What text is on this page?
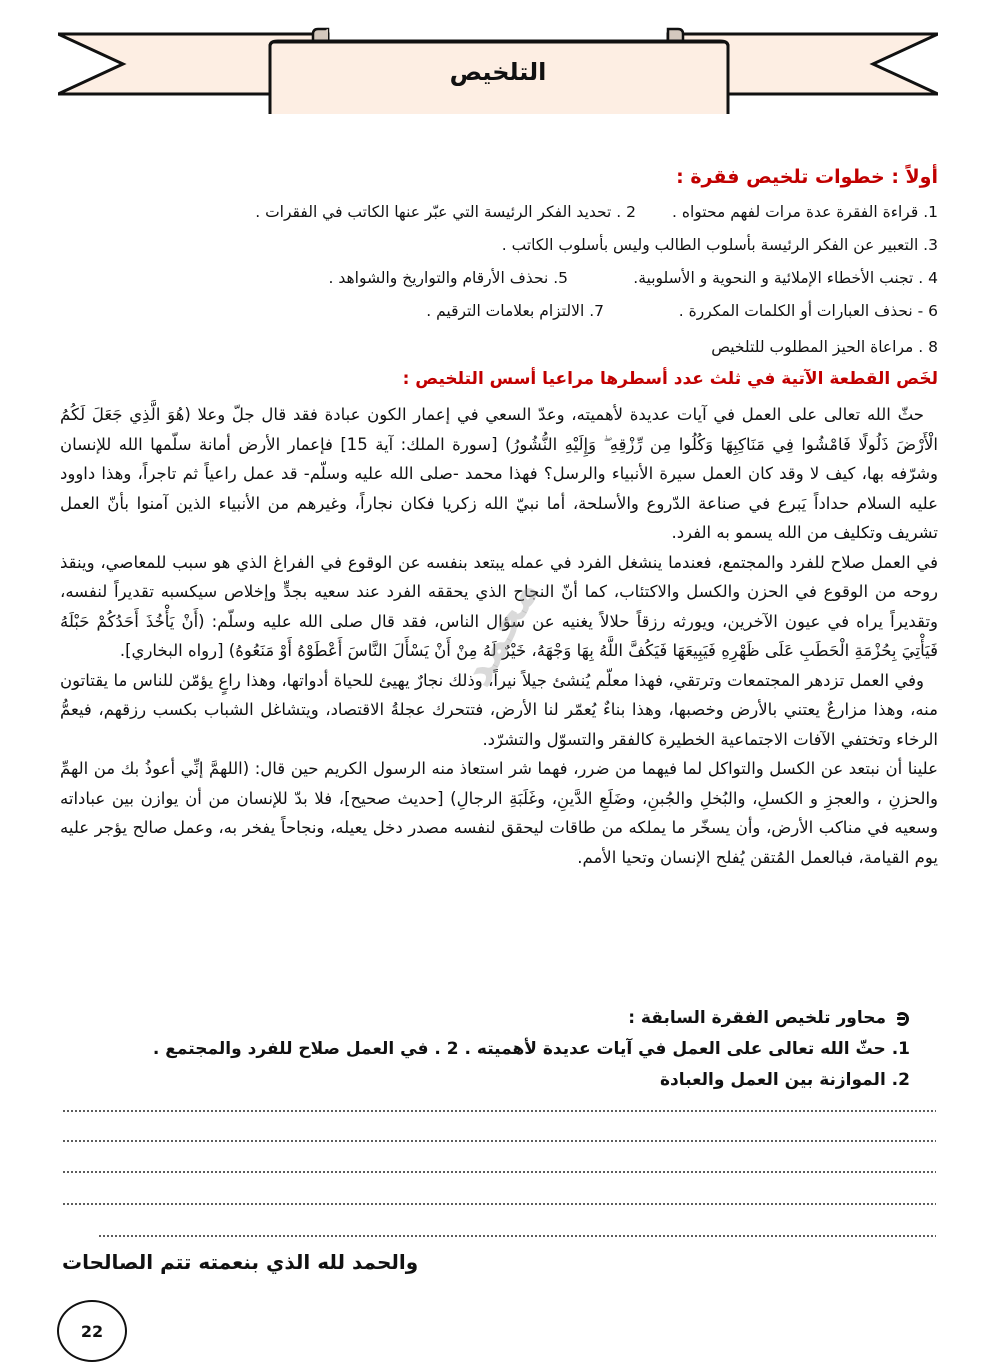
التلخيص
أولاً : خطوات تلخيص فقرة :
1. قراءة الفقرة عدة مرات لفهم محتواه .
2 . تحديد الفكر الرئيسة التي عبّر عنها الكاتب في الفقرات .
3. التعبير عن الفكر الرئيسة بأسلوب الطالب وليس بأسلوب الكاتب .
4 . تجنب الأخطاء الإملائية و النحوية و الأسلوبية.
5. نحذف الأرقام والتواريخ والشواهد .
6 - نحذف العبارات أو الكلمات المكررة .
7. الالتزام بعلامات الترقيم .
8 . مراعاة الحيز المطلوب للتلخيص
لخَص القطعة الآتية في ثلث عدد أسطرها مراعيا أسس التلخيص :

حثّ الله تعالى على العمل في آيات عديدة لأهميته، وعدّ السعي في إعمار الكون عبادة فقد قال جلّ وعلا (هُوَ الَّذِي جَعَلَ لَكُمُ الْأَرْضَ ذَلُولًا فَامْشُوا فِي مَنَاكِبِهَا وَكُلُوا مِن رِّزْقِهِ ۖ وَإِلَيْهِ النُّشُورُ) [سورة الملك: آية 15] فإعمار الأرض أمانة سلّمها الله للإنسان وشرّفه بها، كيف لا وقد كان العمل سيرة الأنبياء والرسل؟ فهذا محمد -صلى الله عليه وسلّم- قد عمل راعياً ثم تاجراً، وهذا داوود عليه السلام حداداً يَبرع في صناعة الدّروع والأسلحة، أما نبيّ الله زكريا فكان نجاراً، وغيرهم من الأنبياء الذين آمنوا بأنّ العمل تشريف وتكليف من الله يسمو به الفرد.

في العمل صلاح للفرد والمجتمع، فعندما ينشغل الفرد في عمله يبتعد بنفسه عن الوقوع في الفراغ الذي هو سبب للمعاصي، وينقذ روحه من الوقوع في الحزن والكسل والاكتئاب، كما أنّ النجاح الذي يحققه الفرد عند سعيه بجدٍّ وإخلاص سيكسبه تقديراً لنفسه، وتقديراً يراه في عيون الآخرين، ويورثه رزقاً حلالاً يغنيه عن سؤال الناس، فقد قال صلى الله عليه وسلّم: (أَنْ يَأْخُذَ أَحَدُكُمْ حَبْلَهُ فَيَأْتِيَ بِحُزْمَةِ الْحَطَبِ عَلَى ظَهْرِهِ فَيَبِيعَهَا فَيَكُفَّ اللَّهُ بِهَا وَجْهَهُ، خَيْرٌ لَهُ مِنْ أَنْ يَسْأَلَ النَّاسَ أَعْطَوْهُ أَوْ مَنَعُوهُ) [رواه البخاري].

وفي العمل تزدهر المجتمعات وترتقي، فهذا معلّم يُنشئ جيلاً نيراً، وذلك نجارٌ يهيئ للحياة أدواتها، وهذا راعٍ يؤمّن للناس ما يقتاتون منه، وهذا مزارعٌ يعتني بالأرض وخصبها، وهذا بناءٌ يُعمّر لنا الأرض، فتتحرك عجلةُ الاقتصاد، ويتشاغل الشباب بكسب رزقهم، فيعمُّ الرخاء وتختفي الآفات الاجتماعية الخطيرة كالفقر والتسوّل والتشرّد.

علينا أن نبتعد عن الكسل والتواكل لما فيهما من ضرر، فهما شر استعاذ منه الرسول الكريم حين قال: (اللهمَّ إنِّي أعوذُ بك من الهمِّ والحزنِ ، والعجزِ و الكسلِ، والبُخلِ والجُبنِ، وضَلَعِ الدَّينِ، وغَلَبَةِ الرجالِ) [حديث صحيح]، فلا بدّ للإنسان من أن يوازن بين عباداته وسعيه في مناكب الأرض، وأن يسخّر ما يملكه من طاقات ليحقق لنفسه مصدر دخل يعيله، ونجاحاً يفخر به، وعمل صالح يؤجر عليه يوم القيامة، فبالعمل المُتقن يُفلح الإنسان وتحيا الأمم.

محاور تلخيص الفقرة السابقة :
1. حثّ الله تعالى على العمل في آيات عديدة لأهميته . 2 . في العمل صلاح للفرد والمجتمع .
2. الموازنة بين العمل والعبادة
والحمد لله الذي بنعمته تتم الصالحات
22
محمد
